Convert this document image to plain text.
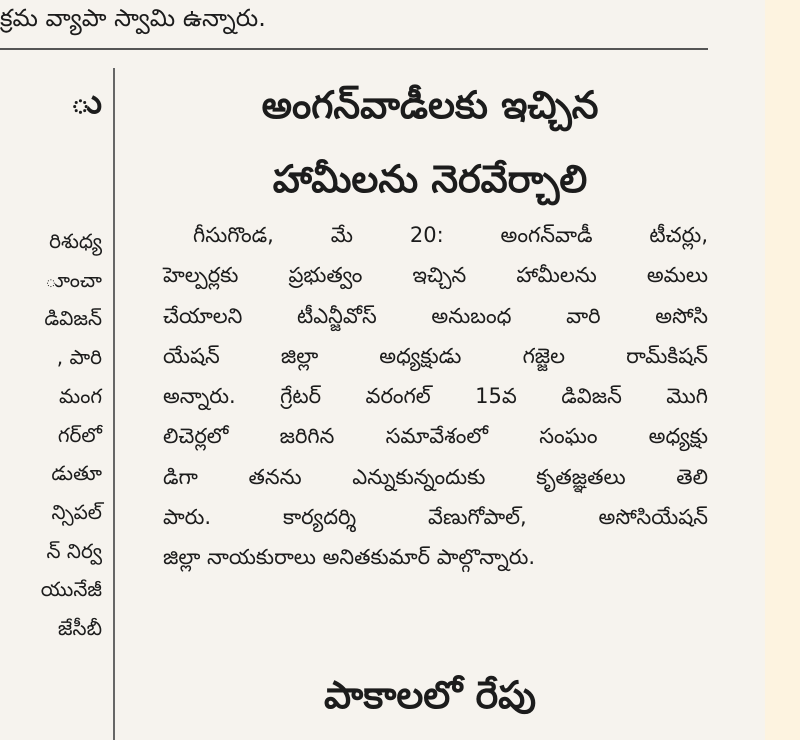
క్రమ వ్యాపా స్వామి ఉన్నారు.
ు
రిశుధ్య
ూంచా
డివిజన్
, పారి
మంగ
గర్‌లో
డుతూ
న్సిపల్
న్ నిర్వ
యునేజీ
జేసీబీ
అంగన్‌వాడీలకు ఇచ్చిన
హామీలను నెరవేర్చాలి
గీసుగొండ, మే 20: అంగన్‌వాడీ టీచర్లు,
హెల్పర్లకు ప్రభుత్వం ఇచ్చిన హామీలను అమలు
చేయాలని టీఎన్జీవోస్ అనుబంధ వారి అసోసి
యేషన్ జిల్లా అధ్యక్షుడు గజ్జెల రామ్‌కిషన్
అన్నారు. గ్రేటర్ వరంగల్ 15వ డివిజన్ మొగి
లిచెర్లలో జరిగిన సమావేశంలో సంఘం అధ్యక్షు
డిగా తనను ఎన్నుకున్నందుకు కృతజ్ఞతలు తెలి
పారు. కార్యదర్శి వేణుగోపాల్, అసోసియేషన్
జిల్లా నాయకురాలు అనితకుమార్ పాల్గొన్నారు.
పాకాలలో రేపు
